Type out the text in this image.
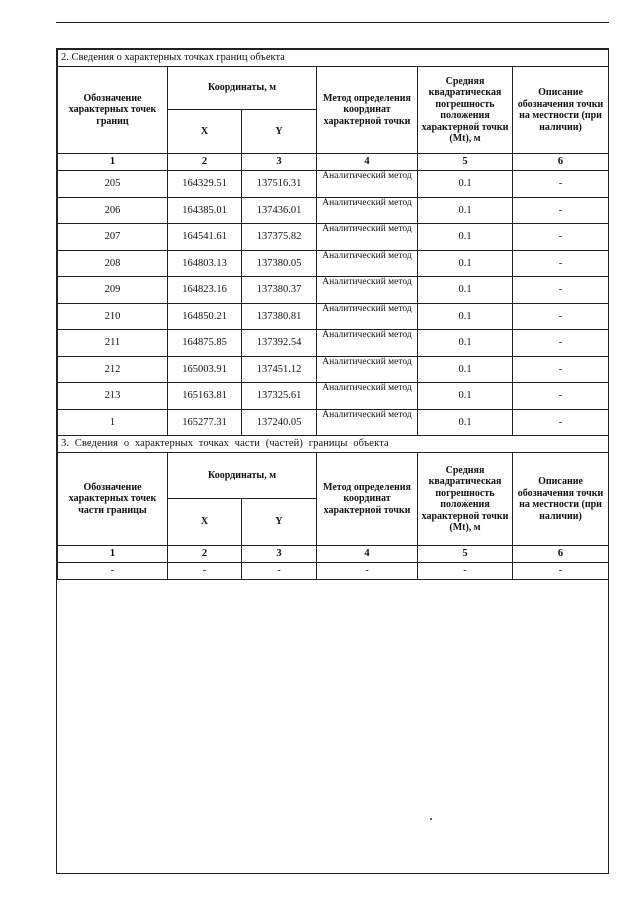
2. Сведения о характерных точках границ объекта					
Обозначение характерных точек границ	Координаты, м		Метод определения координат характерной точки	Средняя квадратическая погрешность положения характерной точки (Mt), м	Описание обозначения точки на местности (при наличии)
	X	Y			
1	2	3	4	5	6
205	164329.51	137516.31	Аналитический метод	0.1	-
206	164385.01	137436.01	Аналитический метод	0.1	-
207	164541.61	137375.82	Аналитический метод	0.1	-
208	164803.13	137380.05	Аналитический метод	0.1	-
209	164823.16	137380.37	Аналитический метод	0.1	-
210	164850.21	137380.81	Аналитический метод	0.1	-
211	164875.85	137392.54	Аналитический метод	0.1	-
212	165003.91	137451.12	Аналитический метод	0.1	-
213	165163.81	137325.61	Аналитический метод	0.1	-
1	165277.31	137240.05	Аналитический метод	0.1	-
3. Сведения о характерных точках части (частей) границы объекта					
Обозначение характерных точек части границы	Координаты, м		Метод определения координат характерной точки	Средняя квадратическая погрешность положения характерной точки (Mt), м	Описание обозначения точки на местности (при наличии)
	X	Y			
1	2	3	4	5	6
-	-	-	-	-	-
